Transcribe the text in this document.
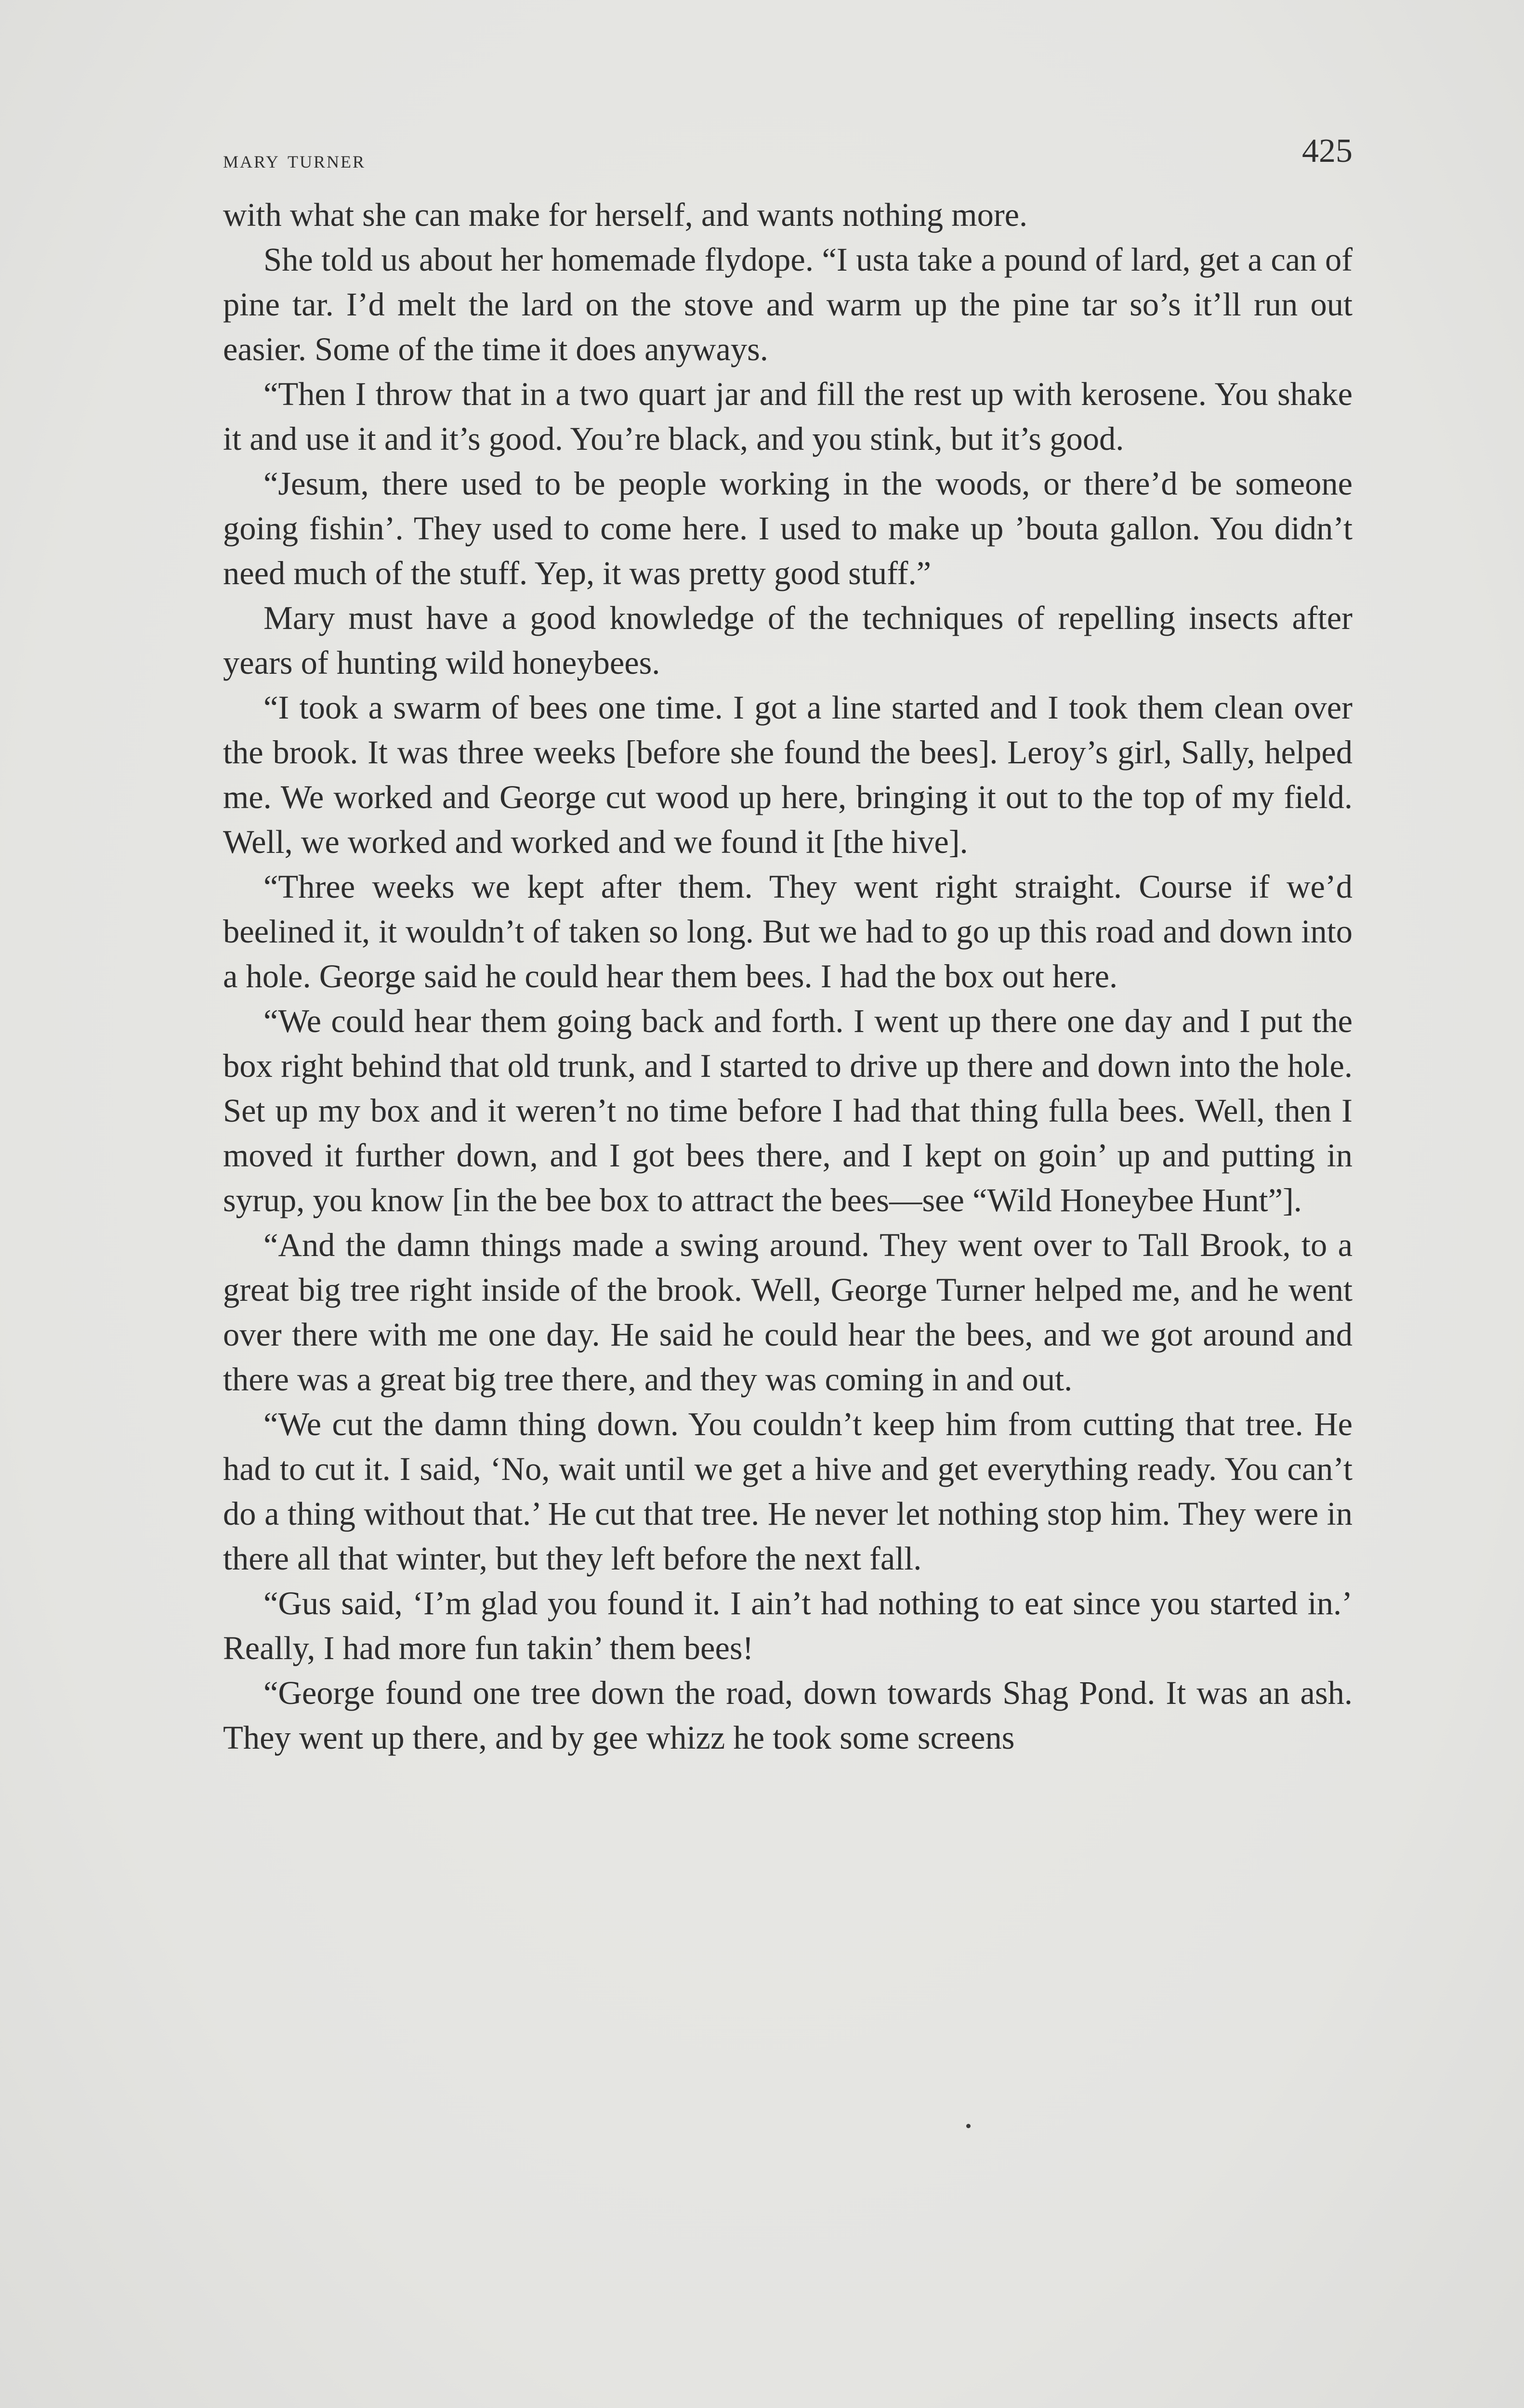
mary turner	425

with what she can make for herself, and wants nothing more.

She told us about her homemade flydope. “I usta take a pound of lard, get a can of pine tar. I’d melt the lard on the stove and warm up the pine tar so’s it’ll run out easier. Some of the time it does anyways.

“Then I throw that in a two quart jar and fill the rest up with kerosene. You shake it and use it and it’s good. You’re black, and you stink, but it’s good.

“Jesum, there used to be people working in the woods, or there’d be someone going fishin’. They used to come here. I used to make up ’bouta gallon. You didn’t need much of the stuff. Yep, it was pretty good stuff.”

Mary must have a good knowledge of the techniques of repelling insects after years of hunting wild honeybees.

“I took a swarm of bees one time. I got a line started and I took them clean over the brook. It was three weeks [before she found the bees]. Leroy’s girl, Sally, helped me. We worked and George cut wood up here, bringing it out to the top of my field. Well, we worked and worked and we found it [the hive].

“Three weeks we kept after them. They went right straight. Course if we’d beelined it, it wouldn’t of taken so long. But we had to go up this road and down into a hole. George said he could hear them bees. I had the box out here.

“We could hear them going back and forth. I went up there one day and I put the box right behind that old trunk, and I started to drive up there and down into the hole. Set up my box and it weren’t no time before I had that thing fulla bees. Well, then I moved it further down, and I got bees there, and I kept on goin’ up and putting in syrup, you know [in the bee box to attract the bees—see “Wild Honeybee Hunt”].

“And the damn things made a swing around. They went over to Tall Brook, to a great big tree right inside of the brook. Well, George Turner helped me, and he went over there with me one day. He said he could hear the bees, and we got around and there was a great big tree there, and they was coming in and out.

“We cut the damn thing down. You couldn’t keep him from cutting that tree. He had to cut it. I said, ‘No, wait until we get a hive and get everything ready. You can’t do a thing without that.’ He cut that tree. He never let nothing stop him. They were in there all that winter, but they left before the next fall.

“Gus said, ‘I’m glad you found it. I ain’t had nothing to eat since you started in.’ Really, I had more fun takin’ them bees!

“George found one tree down the road, down towards Shag Pond. It was an ash. They went up there, and by gee whizz he took some screens
